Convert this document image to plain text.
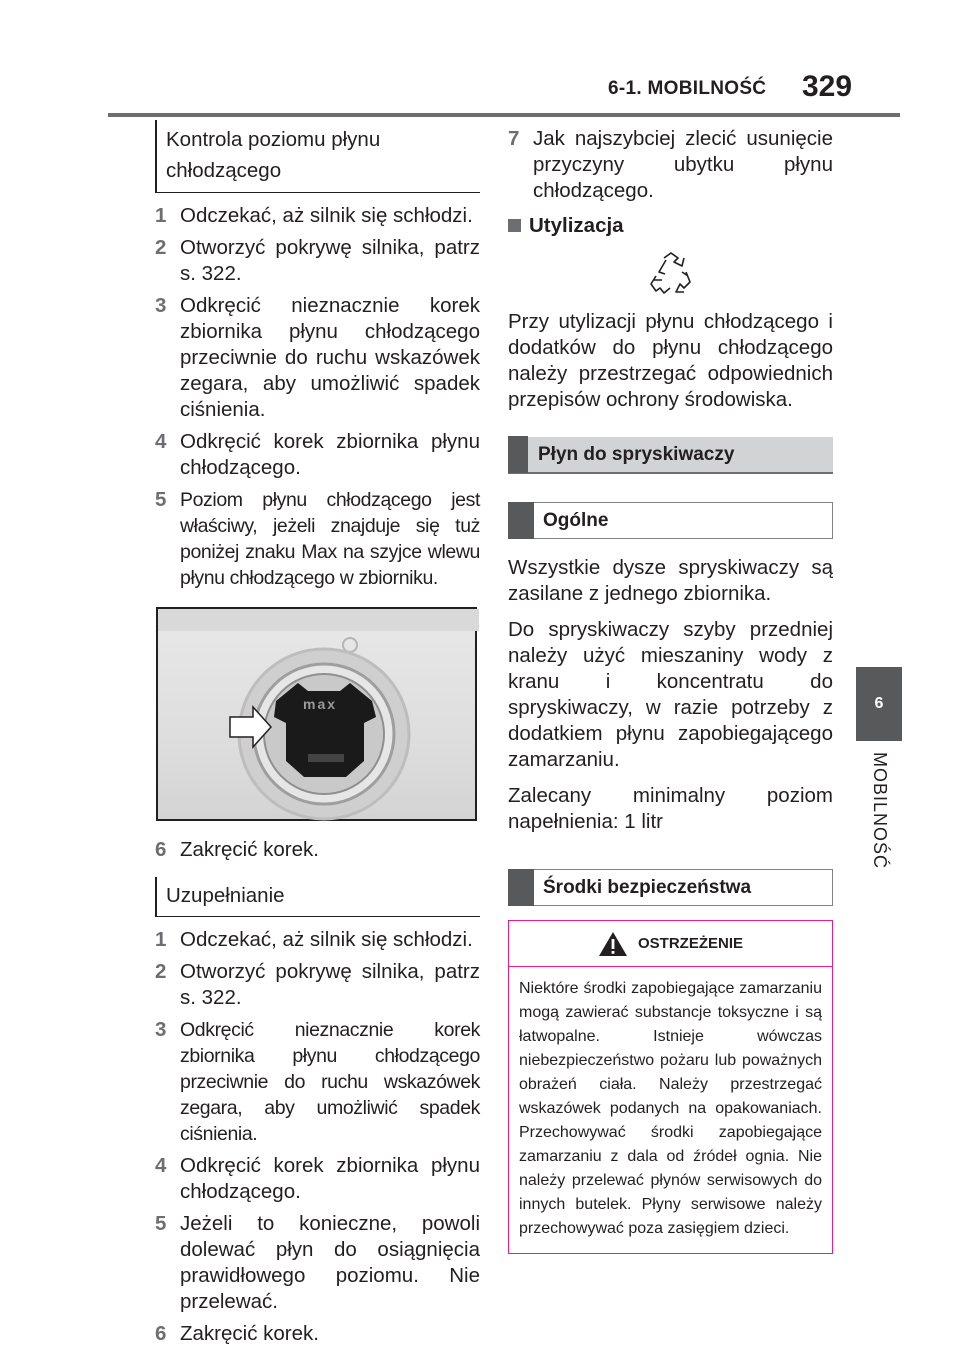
6-1. MOBILNOŚĆ 329
6
MOBILNOŚĆ
Kontrola poziomu płynu chłodzącego
1 Odczekać, aż silnik się schłodzi.
2 Otworzyć pokrywę silnika, patrz s. 322.
3 Odkręcić nieznacznie korek zbiornika płynu chłodzącego przeciwnie do ruchu wskazówek zegara, aby umożliwić spadek ciśnienia.
4 Odkręcić korek zbiornika płynu chłodzącego.
5 Poziom płynu chłodzącego jest właściwy, jeżeli znajduje się tuż poniżej znaku Max na szyjce wlewu płynu chłodzącego w zbiorniku.
max
6 Zakręcić korek.
Uzupełnianie
1 Odczekać, aż silnik się schłodzi.
2 Otworzyć pokrywę silnika, patrz s. 322.
3 Odkręcić nieznacznie korek zbiornika płynu chłodzącego przeciwnie do ruchu wskazówek zegara, aby umożliwić spadek ciśnienia.
4 Odkręcić korek zbiornika płynu chłodzącego.
5 Jeżeli to konieczne, powoli dolewać płyn do osiągnięcia prawidłowego poziomu. Nie przelewać.
6 Zakręcić korek.
7 Jak najszybciej zlecić usunięcie przyczyny ubytku płynu chłodzącego.
Utylizacja
Przy utylizacji płynu chłodzącego i dodatków do płynu chłodzącego należy przestrzegać odpowiednich przepisów ochrony środowiska.
Płyn do spryskiwaczy
Ogólne
Wszystkie dysze spryskiwaczy są zasilane z jednego zbiornika.
Do spryskiwaczy szyby przedniej należy użyć mieszaniny wody z kranu i koncentratu do spryskiwaczy, w razie potrzeby z dodatkiem płynu zapobiegającego zamarzaniu.
Zalecany minimalny poziom napełnienia: 1 litr
Środki bezpieczeństwa
OSTRZEŻENIE
Niektóre środki zapobiegające zamarzaniu mogą zawierać substancje toksyczne i są łatwopalne. Istnieje wówczas niebezpieczeństwo pożaru lub poważnych obrażeń ciała. Należy przestrzegać wskazówek podanych na opakowaniach. Przechowywać środki zapobiegające zamarzaniu z dala od źródeł ognia. Nie należy przelewać płynów serwisowych do innych butelek. Płyny serwisowe należy przechowywać poza zasięgiem dzieci.
